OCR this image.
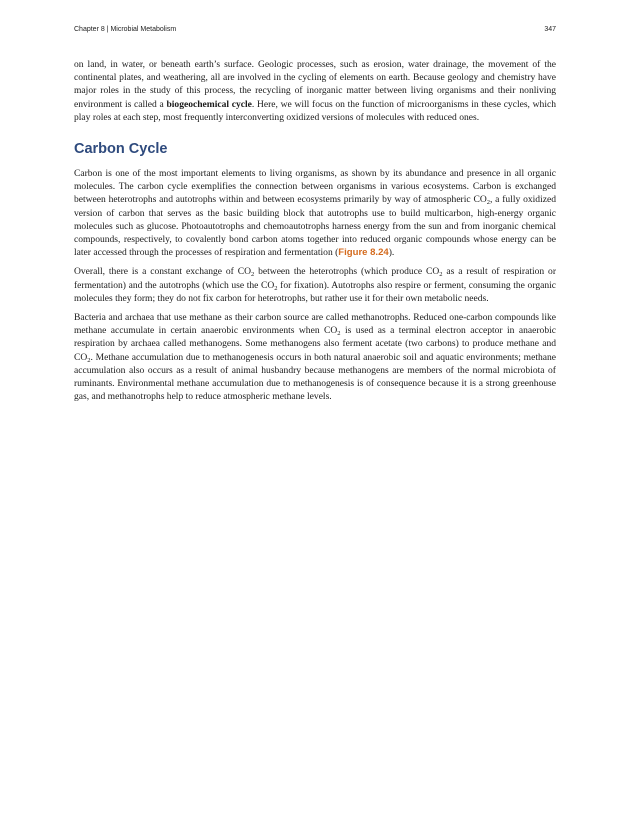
Chapter 8 | Microbial Metabolism	347

on land, in water, or beneath earth’s surface. Geologic processes, such as erosion, water drainage, the movement of the continental plates, and weathering, all are involved in the cycling of elements on earth. Because geology and chemistry have major roles in the study of this process, the recycling of inorganic matter between living organisms and their nonliving environment is called a biogeochemical cycle. Here, we will focus on the function of microorganisms in these cycles, which play roles at each step, most frequently interconverting oxidized versions of molecules with reduced ones.

Carbon Cycle

Carbon is one of the most important elements to living organisms, as shown by its abundance and presence in all organic molecules. The carbon cycle exemplifies the connection between organisms in various ecosystems. Carbon is exchanged between heterotrophs and autotrophs within and between ecosystems primarily by way of atmospheric $CO_2$, a fully oxidized version of carbon that serves as the basic building block that autotrophs use to build multicarbon, high-energy organic molecules such as glucose. Photoautotrophs and chemoautotrophs harness energy from the sun and from inorganic chemical compounds, respectively, to covalently bond carbon atoms together into reduced organic compounds whose energy can be later accessed through the processes of respiration and fermentation (Figure 8.24).

Overall, there is a constant exchange of $CO_2$ between the heterotrophs (which produce $CO_2$ as a result of respiration or fermentation) and the autotrophs (which use the $CO_2$ for fixation). Autotrophs also respire or ferment, consuming the organic molecules they form; they do not fix carbon for heterotrophs, but rather use it for their own metabolic needs.

Bacteria and archaea that use methane as their carbon source are called methanotrophs. Reduced one-carbon compounds like methane accumulate in certain anaerobic environments when $CO_2$ is used as a terminal electron acceptor in anaerobic respiration by archaea called methanogens. Some methanogens also ferment acetate (two carbons) to produce methane and $CO_2$. Methane accumulation due to methanogenesis occurs in both natural anaerobic soil and aquatic environments; methane accumulation also occurs as a result of animal husbandry because methanogens are members of the normal microbiota of ruminants. Environmental methane accumulation due to methanogenesis is of consequence because it is a strong greenhouse gas, and methanotrophs help to reduce atmospheric methane levels.
